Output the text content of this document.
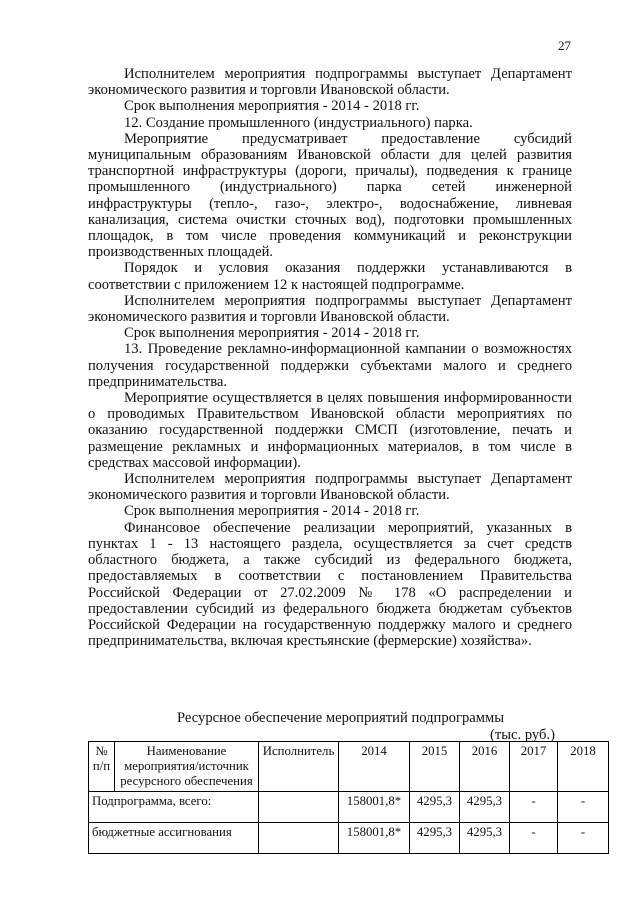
27

Исполнителем мероприятия подпрограммы выступает Департамент экономического развития и торговли Ивановской области.

Срок выполнения мероприятия - 2014 - 2018 гг.

12. Создание промышленного (индустриального) парка.

Мероприятие предусматривает предоставление субсидий муниципальным образованиям Ивановской области для целей развития транспортной инфраструктуры (дороги, причалы), подведения к границе промышленного (индустриального) парка сетей инженерной инфраструктуры (тепло-, газо-, электро-, водоснабжение, ливневая канализация, система очистки сточных вод), подготовки промышленных площадок, в том числе проведения коммуникаций и реконструкции производственных площадей.

Порядок и условия оказания поддержки устанавливаются в соответствии с приложением 12 к настоящей подпрограмме.

Исполнителем мероприятия подпрограммы выступает Департамент экономического развития и торговли Ивановской области.

Срок выполнения мероприятия - 2014 - 2018 гг.

13. Проведение рекламно-информационной кампании о возможностях получения государственной поддержки субъектами малого и среднего предпринимательства.

Мероприятие осуществляется в целях повышения информированности о проводимых Правительством Ивановской области мероприятиях по оказанию государственной поддержки СМСП (изготовление, печать и размещение рекламных и информационных материалов, в том числе в средствах массовой информации).

Исполнителем мероприятия подпрограммы выступает Департамент экономического развития и торговли Ивановской области.

Срок выполнения мероприятия - 2014 - 2018 гг.

Финансовое обеспечение реализации мероприятий, указанных в пунктах 1 - 13 настоящего раздела, осуществляется за счет средств областного бюджета, а также субсидий из федерального бюджета, предоставляемых в соответствии с постановлением Правительства Российской Федерации от 27.02.2009 № 178 «О распределении и предоставлении субсидий из федерального бюджета бюджетам субъектов Российской Федерации на государственную поддержку малого и среднего предпринимательства, включая крестьянские (фермерские) хозяйства».

Ресурсное обеспечение мероприятий подпрограммы
(тыс. руб.)
№ п/п	Наименование мероприятия/источник ресурсного обеспечения	Исполнитель	2014	2015	2016	2017	2018
Подпрограмма, всего:			158001,8*	4295,3	4295,3	-	-
бюджетные ассигнования			158001,8*	4295,3	4295,3	-	-
